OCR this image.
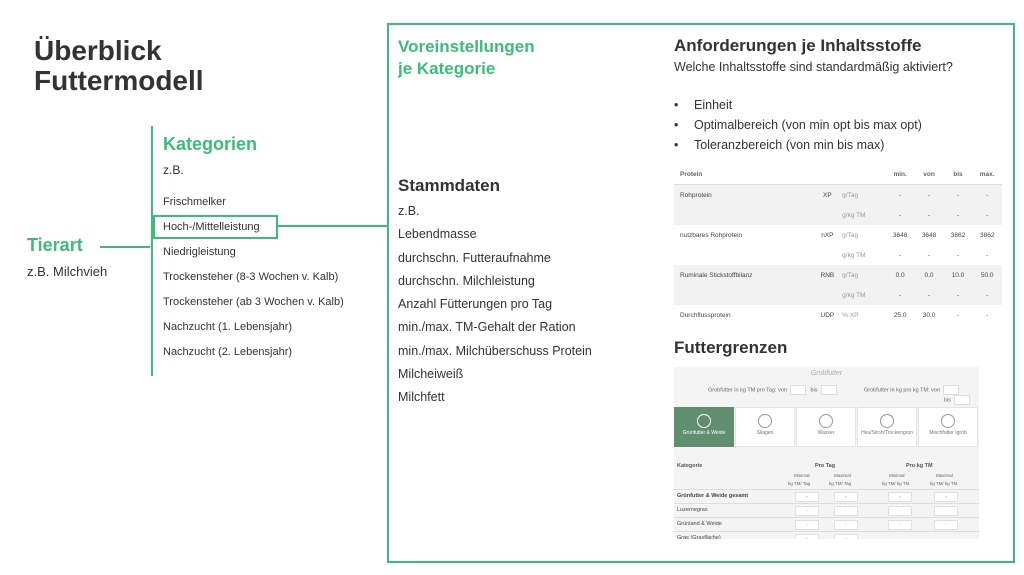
Überblick Futtermodell
Tierart
z.B. Milchvieh
Kategorien
z.B.
Frischmelker
Hoch-/Mittelleistung
Niedrigleistung
Trockensteher (8-3 Wochen v. Kalb)
Trockensteher (ab 3 Wochen v. Kalb)
Nachzucht (1. Lebensjahr)
Nachzucht (2. Lebensjahr)
Voreinstellungen
je Kategorie
Stammdaten
z.B.
Lebendmasse
durchschn. Futteraufnahme
durchschn. Milchleistung
Anzahl Fütterungen pro Tag
min./max. TM-Gehalt der Ration
min./max. Milchüberschuss Protein
Milcheiweiß
Milchfett
Anforderungen je Inhaltsstoffe
Welche Inhaltsstoffe sind standardmäßig aktiviert?
• Einheit
• Optimalbereich (von min opt bis max opt)
• Toleranzbereich (von min bis max)
Protein			min.	von	bis	max.
Rohprotein	XP	g/Tag	-	-	-	-
		g/kg TM	-	-	-	-
nutzbares Rohprotein	nXP	g/Tag	3648	3648	3862	3862
		g/kg TM	-	-	-	-
Ruminale Stickstoffbilanz	RNB	g/Tag	0.0	0.0	10.0	50.0
		g/kg TM	-	-	-	-
Durchflussprotein	UDP	% XP	25.0	30.0	-	-
Futtergrenzen
Grobfutter
Grobfutter in kg TM pro Tag: von	bis	Grobfutter in kg pro kg TM: von
bis
Grünfutter & Weide	Silagen	Wasser	Heu/Stroh/Trockengrün	Mischfutter Igrob
Kategorie	Pro Tag	Pro kg TM
Minimal	Maximal	Minimal	Maximal
kg TM/ Tag	kg TM/ Tag	kg TM/ kg TM	kg TM/ kg TM
Grünfutter & Weide gesamt	-	-	-	-
Luzernegras	-	-	-	-
Grünland & Weide	-	-	-	-
Gras (Grasfläche)	-	-
